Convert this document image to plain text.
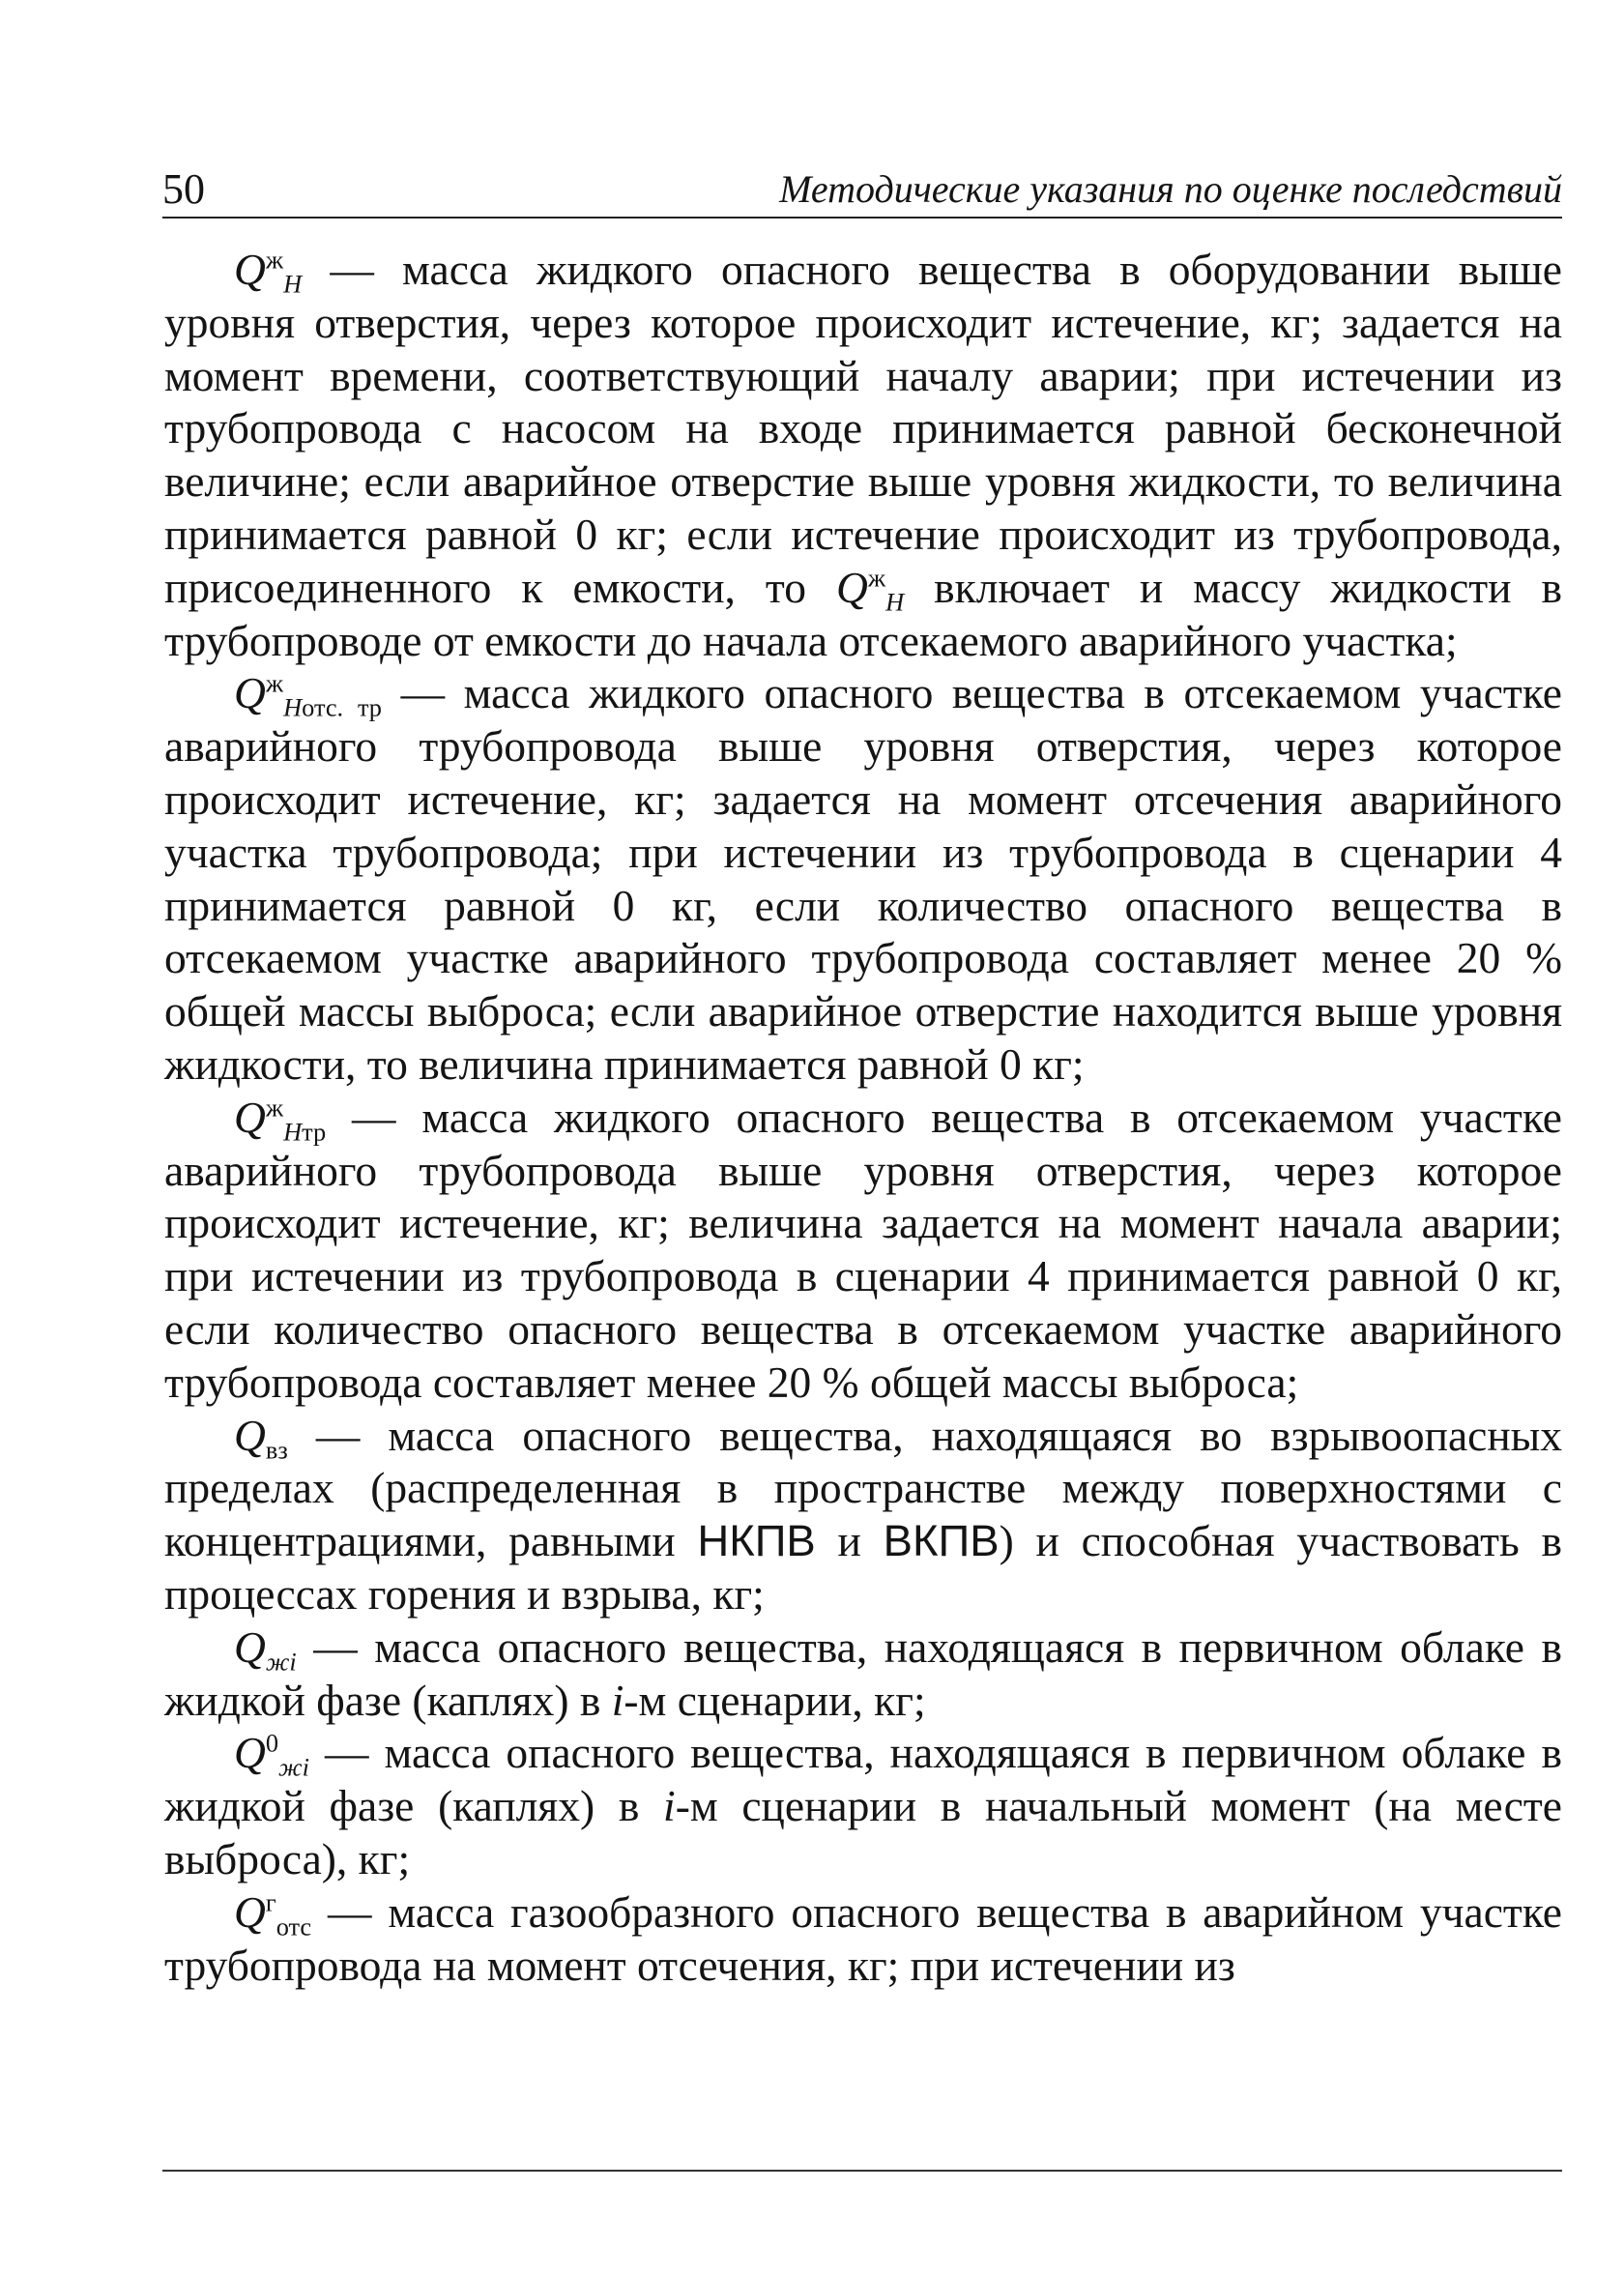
50	Методические указания по оценке последствий

$Q^ж_H$ — масса жидкого опасного вещества в оборудовании выше уровня отверстия, через которое происходит истечение, кг; задается на момент времени, соответствующий началу аварии; при истечении из трубопровода с насосом на входе принимается равной бесконечной величине; если аварийное отверстие выше уровня жидкости, то величина принимается равной 0 кг; если истечение происходит из трубопровода, присоединенного к емкости, то $Q^ж_H$ включает и массу жидкости в трубопроводе от емкости до начала отсекаемого аварийного участка;

$Q^ж_{Hотс. тр}$ — масса жидкого опасного вещества в отсекаемом участке аварийного трубопровода выше уровня отверстия, через которое происходит истечение, кг; задается на момент отсечения аварийного участка трубопровода; при истечении из трубопровода в сценарии 4 принимается равной 0 кг, если количество опасного вещества в отсекаемом участке аварийного трубопровода составляет менее 20 % общей массы выброса; если аварийное отверстие находится выше уровня жидкости, то величина принимается равной 0 кг;

$Q^ж_{Hтр}$ — масса жидкого опасного вещества в отсекаемом участке аварийного трубопровода выше уровня отверстия, через которое происходит истечение, кг; величина задается на момент начала аварии; при истечении из трубопровода в сценарии 4 принимается равной 0 кг, если количество опасного вещества в отсекаемом участке аварийного трубопровода составляет менее 20 % общей массы выброса;

$Q_{вз}$ — масса опасного вещества, находящаяся во взрывоопасных пределах (распределенная в пространстве между поверхностями с концентрациями, равными НКПВ и ВКПВ) и способная участвовать в процессах горения и взрыва, кг;

$Q_{жi}$ — масса опасного вещества, находящаяся в первичном облаке в жидкой фазе (каплях) в i-м сценарии, кг;

$Q^0_{жi}$ — масса опасного вещества, находящаяся в первичном облаке в жидкой фазе (каплях) в i-м сценарии в начальный момент (на месте выброса), кг;

$Q^г_{отс}$ — масса газообразного опасного вещества в аварийном участке трубопровода на момент отсечения, кг; при истечении из
